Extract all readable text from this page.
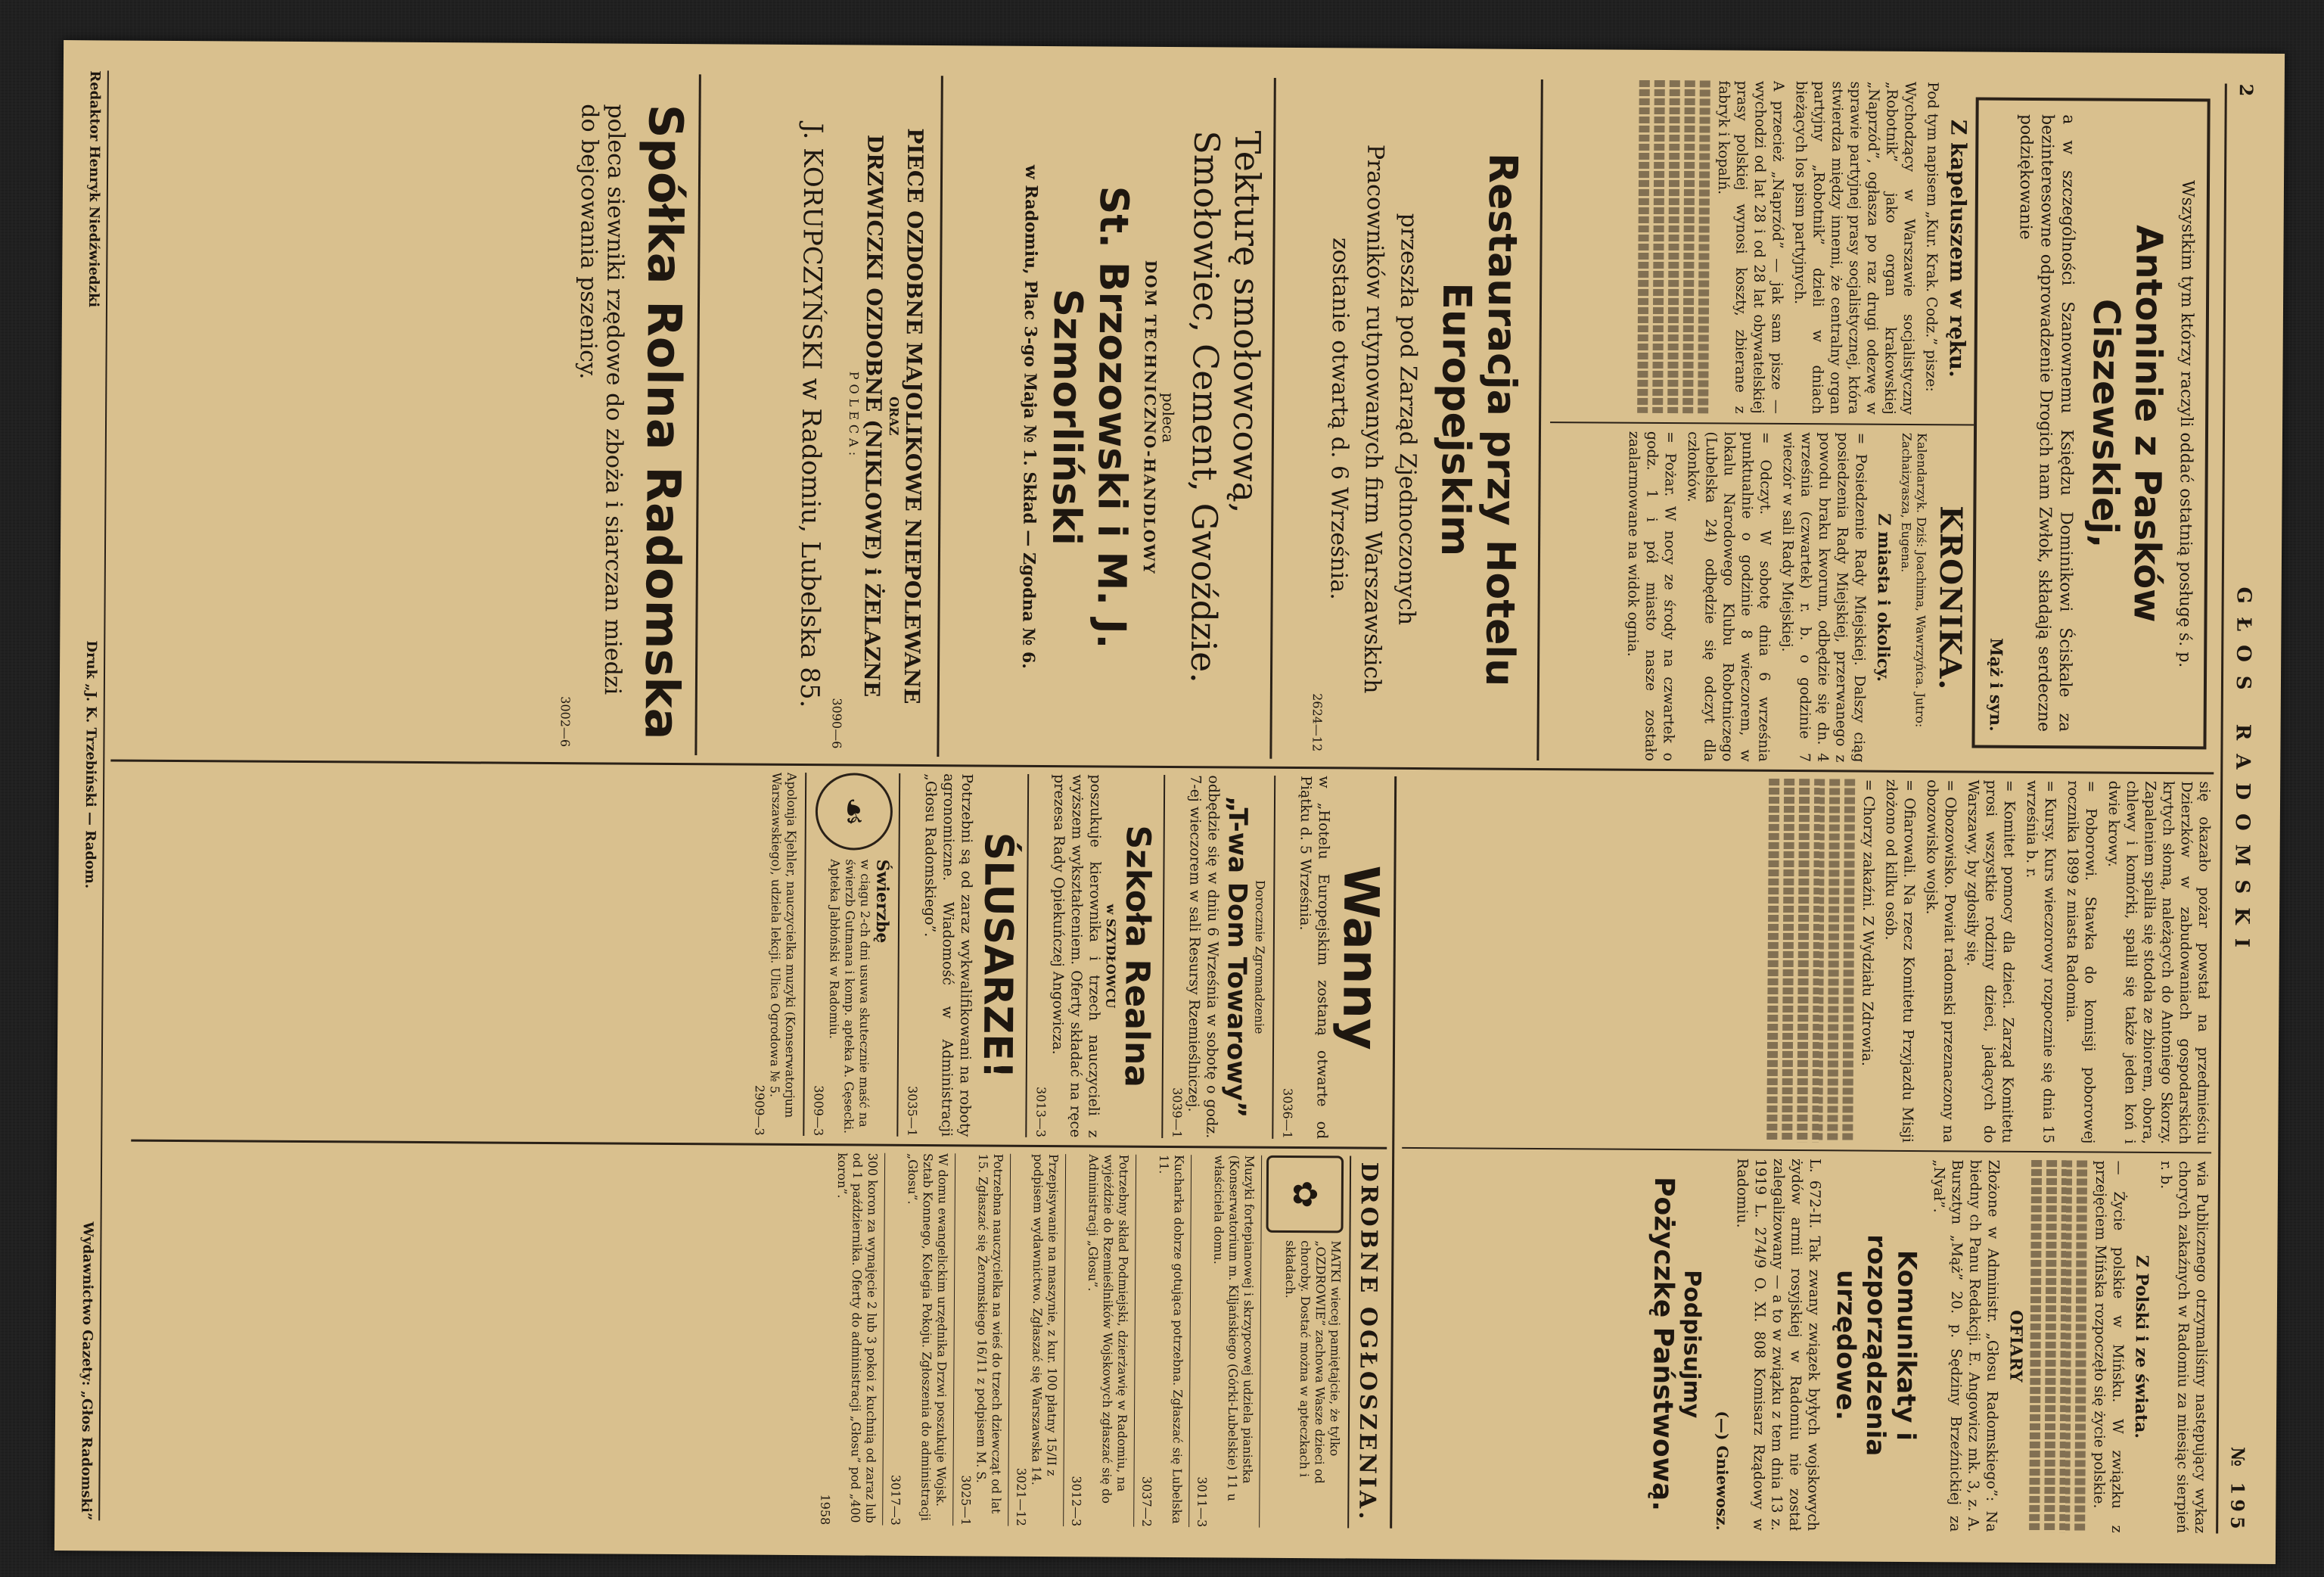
2
GŁOS RADOMSKI
№ 195
Wszystkim tym którzy raczyli oddać ostatnią posługę ś. p.
Antoninie z Pasków Ciszewskiej,
a w szczególności Szanownemu Księdzu Dominikowi Ściskale za bezinteresowne odprowadzenie Drogich nam Zwłok, składają serdeczne podziękowanie
Mąż i syn.
Z kapeluszem w ręku.

Pod tym napisem „Kur. Krak. Codz.” pisze:

Wychodzący w Warszawie socjalistyczny „Robotnik” jako organ krakowskiej „Naprzód”, ogłasza po raz drugi odezwę w sprawie partyjnej prasy socjalistycznej, która stwierdza między innemi, że centralny organ partyjny „Robotnik” dzieli w dniach bieżących los pism partyjnych.

A przecież „Naprzód” — jak sam pisze — wychodzi od lat 28 i od 28 lat obywatelskiej prasy polskiej wynosi koszty, zbierane z fabryk i kopalń.

KRONIKA.

Kalendarzyk. Dziś: Joachima, Wawrzyńca. Jutro: Zachaizyasza, Eugena.

Z miasta i okolicy.

= Posiedzenie Rady Miejskiej. Dalszy ciąg posiedzenia Rady Miejskiej, przerwanego z powodu braku kworum, odbędzie się dn. 4 września (czwartek) r. b. o godzinie 7 wieczór w sali Rady Miejskiej.

= Odczyt. W sobotę dnia 6 września punktualnie o godzinie 8 wieczorem, w lokalu Narodowego Klubu Robotniczego (Lubelska 24) odbędzie się odczyt dla członków.

= Pożar. W nocy ze środy na czwartek o godz. 1 i pół miasto nasze zostało zaalarmowane na widok ognia.

Restauracja przy Hotelu Europejskim
przeszła pod Zarząd Zjednoczonych
Pracowników rutynowanych firm Warszawskich
zostanie otwartą d. 6 Września.
2624—12
Tekturę smołowcową,
Smołowiec, Cement, Gwoździe.
poleca
DOM TECHNICZNO-HANDLOWY
St. Brzozowski i M. J. Szmorliński
w Radomiu, Plac 3-go Maja № 1. Skład — Zgodna № 6.
PIECE OZDOBNE MAJOLIKOWE NIEPOLEWANE
ORAZ
DRZWICZKI OZDOBNE (NIKLOWE) i ŻELAZNE
POLECA:
3090—6
J. KORUPCZYŃSKI w Radomiu, Lubelska 85.
Spółka Rolna Radomska
poleca siewniki rzędowe do zboża i siarczan miedzi
do bejcowania pszenicy.
3002—6

się okazało pożar powstał na przedmieściu Dzierzków w zabudowaniach gospodarskich krytych słomą, należących do Antoniego Skorzy. Zapaleniem spaliła się stodoła ze zbiorem, obora, chlewy i komórki, spalił się także jeden koń i dwie krowy.

= Poborowi. Stawka do komisji poborowej rocznika 1899 z miasta Radomia.

= Kursy. Kurs wieczorowy rozpocznie się dnia 15 września b. r.

= Komitet pomocy dla dzieci. Zarząd Komitetu prosi wszystkie rodziny dzieci, jadących do Warszawy, by zgłosiły się.

= Obozowisko. Powiat radomski przeznaczony na obozowisko wojsk.

= Ofiarowali. Na rzecz Komitetu Przyjazdu Misji złożono od kilku osób.

= Chorzy zakaźni. Z Wydziału Zdrowia.

wia Publicznego otrzymaliśmy następujący wykaz chorych zakaźnych w Radomiu za miesiąc sierpień r. b.

Z Polski i ze świata.

— Życie polskie w Mińsku. W związku z przejęciem Mińska rozpoczęło się życie polskie.

OFIARY

Złożone w Administr. „Głosu Radomskiego”: Na biedny ch Panu Redakcji. E. Angowicz mk. 3, z. A. Bursztyn „Mąż” 20. p. Sędziny Brzeźnickiej za „Nyał”.

Komunikaty i rozporządzenia urzędowe.

L. 672-II. Tak zwany związek byłych wojskowych żydów armii rosyjskiej w Radomiu nie został zalegalizowany — a to w związku z tem dnia 13 z. 1919 L. 274/9 O. XI. 808 Komisarz Rządowy w Radomiu.

(—) Gniewosz.
Podpisujmy
Pożyczkę Państwową.
Wanny

w „Hotelu Europejskim zostaną otwarte od Piątku d. 5 Września.

3036—1
Dorocznie Zgromadzenie
„T-wa Dom Towarowy”

odbędzie się w dniu 6 Września w sobotę o godz. 7-ej wieczorem w sali Resursy Rzemieślniczej.

3039—1
Szkoła Realna
w SZYDŁOWCU

poszukuje kierownika i trzech nauczycieli z wyższem wykształceniem. Oferty składać na ręce prezesa Rady Opiekuńczej Angowicza.

3013—3
ŚLUSARZE!

Potrzebni są od zaraz wykwalifikowani na roboty agronomiczne. Wiadomość w Administracji „Głosu Radomskiego”.

3035—1
☙
Świerzbę

w ciągu 2-ch dni usuwa skutecznie maść na świerzb Gutmana i komp. apteka A. Gęsecki. Apteka Jabłoński w Radomiu.

3009—3

Apolonja Kjehler, nauczycielka muzyki (Konserwatorjum Warszawskiego), udziela lekcji. Ulica Ogrodowa № 5.

2909—3
DROBNE OGŁOSZENIA.
✿

MATKI wiecej pamiętajcie, że tylko „OZDROWIE” zachowa Wasze dzieci od choroby. Dostać można w apteczkach i składach.

Muzyki fortepianowej i skrzypcowej udziela pianistka (Konserwatorium m. Kiljańskiego (Górki-Lubelskie) 11 u właściciela domu.

3011—3

Kucharka dobrze gotująca potrzebna. Zgłaszać się Lubelska 11.

3037—2

Potrzebny skład Podmiejski, dzierżawię w Radomiu, na wyjeździe do Rzemieślników Wojskowych zgłaszać się do Administracji „Głosu”.

3012—3

Przepisywanie na maszynie, z kur. 100 płatny 15/II z podpisem wydawnictwo. Zgłaszać się Warszawska 14.

3021—12

Potrzebna nauczycielka na wieś do trzech dziewcząt od lat 15. Zgłaszać się Żeromskiego 16/11 z podpisem M. S.

3025—1

W domu ewangelickim urzędnika Drzwi poszukuje Wojsk. Sztab Konnego, Kolegia Pokoju. Zgłoszenia do administracji „Głosu”.

3017—3

300 koron za wynajęcie 2 lub 3 pokoi z kuchnią od zaraz lub od 1 października. Oferty do administracji „Głosu” pod „400 koron”.

1958
Redaktor Henryk Niedźwiedzki
Druk „J. K. Trzebiński — Radom.
Wydawnictwo Gazety: „Głos Radomski”
